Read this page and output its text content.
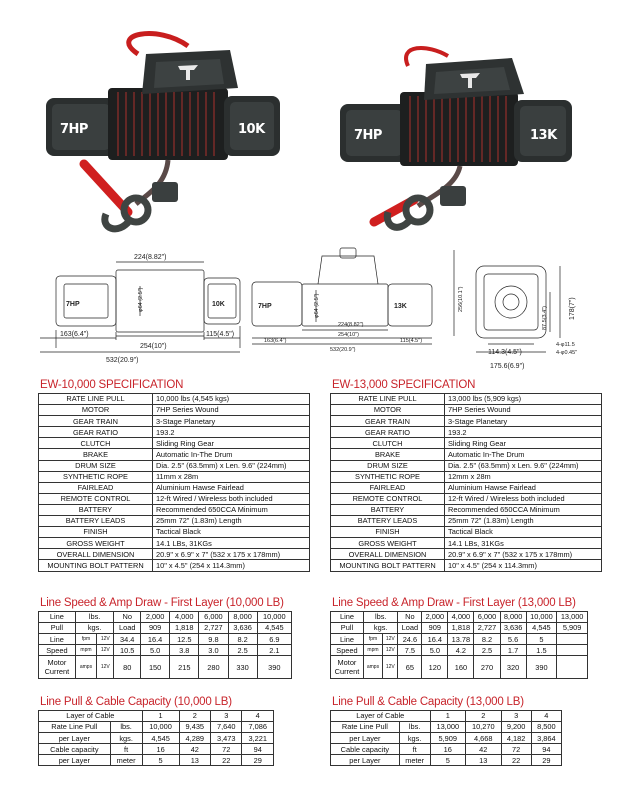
7HP	10K	7HP	13K
224(8.82")
φ64 (2.5")
163(6.4")
254(10")
115(4.5")
532(20.9")
7HP	10K
224(8.82")
φ64 (2.5")
163(6.4")
254(10")
115(4.5")
532(20.9")
256(10.1")
7HP	13K	87.5(3.4")	178(7")
114.3(4.5")
4-φ11.5
4-φ0.45"
175.6(6.9")
EW-10,000 SPECIFICATION
RATE LINE PULL	10,000 lbs (4,545 kgs)
MOTOR	7HP Series Wound
GEAR TRAIN	3-Stage Planetary
GEAR RATIO	193.2
CLUTCH	Sliding Ring Gear
BRAKE	Automatic In-The Drum
DRUM SIZE	Dia. 2.5" (63.5mm) x Len. 9.6" (224mm)
SYNTHETIC ROPE	11mm x 28m
FAIRLEAD	Aluminium Hawse Fairlead
REMOTE CONTROL	12-ft Wired / Wireless both included
BATTERY	Recommended 650CCA Minimum
BATTERY LEADS	25mm 72" (1.83m) Length
FINISH	Tactical Black
GROSS WEIGHT	14.1 LBs, 31KGs
OVERALL DIMENSION	20.9" x 6.9" x 7" (532 x 175 x 178mm)
MOUNTING BOLT PATTERN	10" x 4.5" (254 x 114.3mm)
EW-13,000 SPECIFICATION
RATE LINE PULL	13,000 lbs (5,909 kgs)
MOTOR	7HP Series Wound
GEAR TRAIN	3-Stage Planetary
GEAR RATIO	193.2
CLUTCH	Sliding Ring Gear
BRAKE	Automatic In-The Drum
DRUM SIZE	Dia. 2.5" (63.5mm) x Len. 9.6" (224mm)
SYNTHETIC ROPE	12mm x 28m
FAIRLEAD	Aluminium Hawse Fairlead
REMOTE CONTROL	12-ft Wired / Wireless both included
BATTERY	Recommended 650CCA Minimum
BATTERY LEADS	25mm 72" (1.83m) Length
FINISH	Tactical Black
GROSS WEIGHT	14.1 LBs, 31KGs
OVERALL DIMENSION	20.9" x 6.9" x 7" (532 x 175 x 178mm)
MOUNTING BOLT PATTERN	10" x 4.5" (254 x 114.3mm)
Line Speed & Amp Draw - First Layer (10,000 LB)
Line	lbs.		No	2,000	4,000	6,000	8,000	10,000
Pull	kgs.		Load	909	1,818	2,727	3,636	4,545
Line	fpm	12V	34.4	16.4	12.5	9.8	8.2	6.9
Speed	mpm	12V	10.5	5.0	3.8	3.0	2.5	2.1
Motor
Current	amps	12V	80	150	215	280	330	390
Line Speed & Amp Draw - First Layer (13,000 LB)
Line	lbs.		No	2,000	4,000	6,000	8,000	10,000	13,000
Pull	kgs.		Load	909	1,818	2,727	3,636	4,545	5,909
Line	fpm	12V	24.6	16.4	13.78	8.2	5.6	5	
Speed	mpm	12V	7.5	5.0	4.2	2.5	1.7	1.5	
Motor
Current	amps	12V	65	120	160	270	320	390	
Line Pull & Cable Capacity (10,000 LB)
Layer of Cable		1	2	3	4
Rate Line Pull	lbs.	10,000	9,435	7,640	7,086
per Layer	kgs.	4,545	4,289	3,473	3,221
Cable capacity	ft	16	42	72	94
per Layer	meter	5	13	22	29
Line Pull & Cable Capacity (13,000 LB)
Layer of Cable		1	2	3	4
Rate Line Pull	lbs.	13,000	10,270	9,200	8,500
per Layer	kgs.	5,909	4,668	4,182	3,864
Cable capacity	ft	16	42	72	94
per Layer	meter	5	13	22	29
